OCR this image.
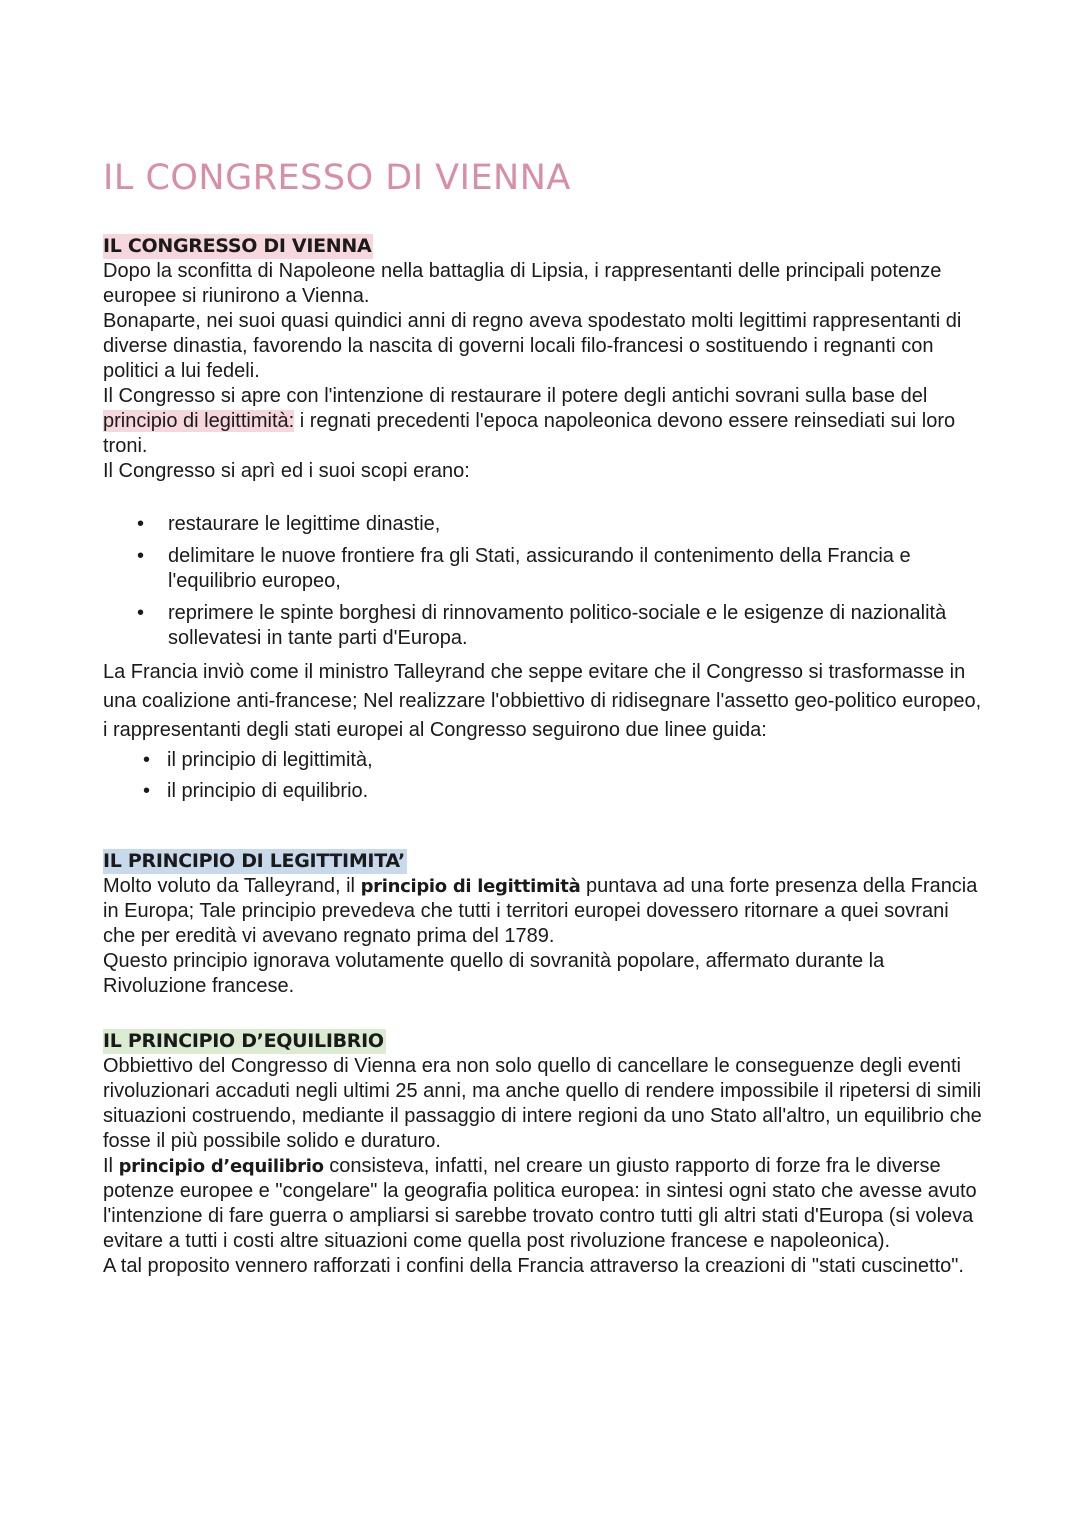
IL CONGRESSO DI VIENNA
IL CONGRESSO DI VIENNA

Dopo la sconfitta di Napoleone nella battaglia di Lipsia, i rappresentanti delle principali potenze europee si riunirono a Vienna.

Bonaparte, nei suoi quasi quindici anni di regno aveva spodestato molti legittimi rappresentanti di diverse dinastia, favorendo la nascita di governi locali filo-francesi o sostituendo i regnanti con politici a lui fedeli.

Il Congresso si apre con l'intenzione di restaurare il potere degli antichi sovrani sulla base del principio di legittimità: i regnati precedenti l'epoca napoleonica devono essere reinsediati sui loro troni.

Il Congresso si aprì ed i suoi scopi erano:

• restaurare le legittime dinastie,
• delimitare le nuove frontiere fra gli Stati, assicurando il contenimento della Francia e l'equilibrio europeo,
• reprimere le spinte borghesi di rinnovamento politico-sociale e le esigenze di nazionalità sollevatesi in tante parti d'Europa.

La Francia inviò come il ministro Talleyrand che seppe evitare che il Congresso si trasformasse in una coalizione anti-francese; Nel realizzare l'obbiettivo di ridisegnare l'assetto geo-politico europeo, i rappresentanti degli stati europei al Congresso seguirono due linee guida:

• il principio di legittimità,
• il principio di equilibrio.
IL PRINCIPIO DI LEGITTIMITA’

Molto voluto da Talleyrand, il principio di legittimità puntava ad una forte presenza della Francia in Europa; Tale principio prevedeva che tutti i territori europei dovessero ritornare a quei sovrani che per eredità vi avevano regnato prima del 1789.

Questo principio ignorava volutamente quello di sovranità popolare, affermato durante la Rivoluzione francese.

IL PRINCIPIO D’EQUILIBRIO

Obbiettivo del Congresso di Vienna era non solo quello di cancellare le conseguenze degli eventi rivoluzionari accaduti negli ultimi 25 anni, ma anche quello di rendere impossibile il ripetersi di simili situazioni costruendo, mediante il passaggio di intere regioni da uno Stato all'altro, un equilibrio che fosse il più possibile solido e duraturo.

Il principio d’equilibrio consisteva, infatti, nel creare un giusto rapporto di forze fra le diverse potenze europee e "congelare" la geografia politica europea: in sintesi ogni stato che avesse avuto l'intenzione di fare guerra o ampliarsi si sarebbe trovato contro tutti gli altri stati d'Europa (si voleva evitare a tutti i costi altre situazioni come quella post rivoluzione francese e napoleonica).

A tal proposito vennero rafforzati i confini della Francia attraverso la creazioni di "stati cuscinetto".
